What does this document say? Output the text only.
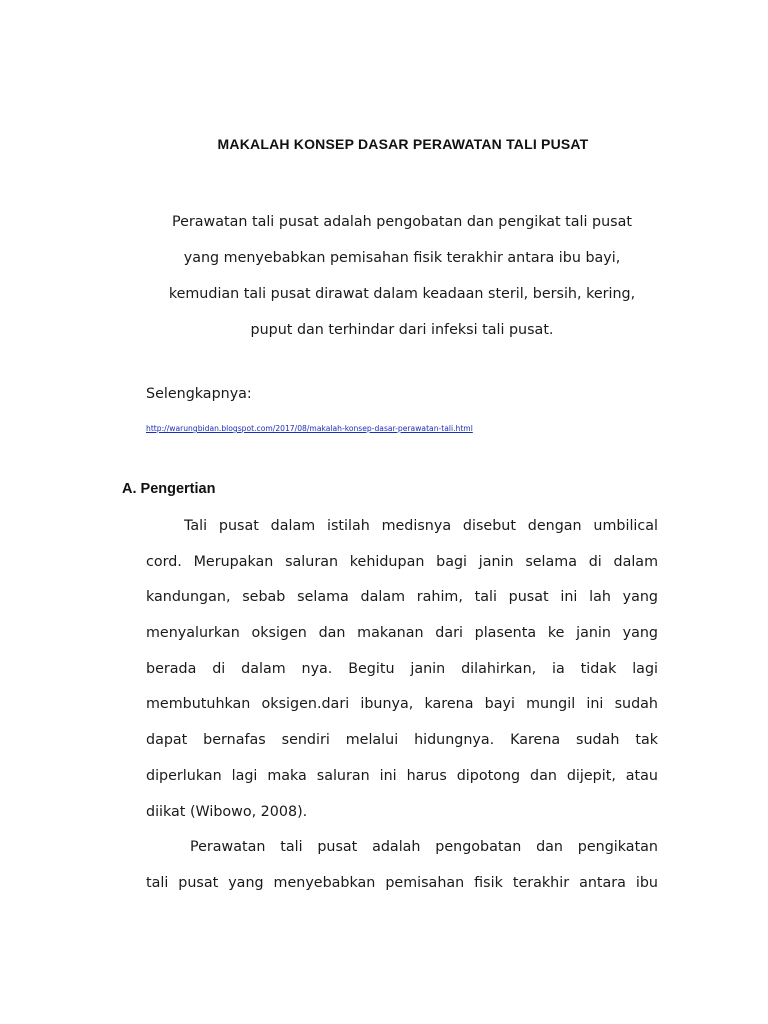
MAKALAH KONSEP DASAR PERAWATAN TALI PUSAT
Perawatan tali pusat adalah pengobatan dan pengikat tali pusat
yang menyebabkan pemisahan fisik terakhir antara ibu bayi,
kemudian tali pusat dirawat dalam keadaan steril, bersih, kering,
puput dan terhindar dari infeksi tali pusat.
Selengkapnya:
http://warungbidan.blogspot.com/2017/08/makalah-konsep-dasar-perawatan-tali.html
A. Pengertian
Tali pusat dalam istilah medisnya disebut dengan umbilical
cord. Merupakan saluran kehidupan bagi janin selama di dalam
kandungan, sebab selama dalam rahim, tali pusat ini lah yang
menyalurkan oksigen dan makanan dari plasenta ke janin yang
berada di dalam nya. Begitu janin dilahirkan, ia tidak lagi
membutuhkan oksigen.dari ibunya, karena bayi mungil ini sudah
dapat bernafas sendiri melalui hidungnya. Karena sudah tak
diperlukan lagi maka saluran ini harus dipotong dan dijepit, atau
diikat (Wibowo, 2008).
Perawatan tali pusat adalah pengobatan dan pengikatan
tali pusat yang menyebabkan pemisahan fisik terakhir antara ibu
